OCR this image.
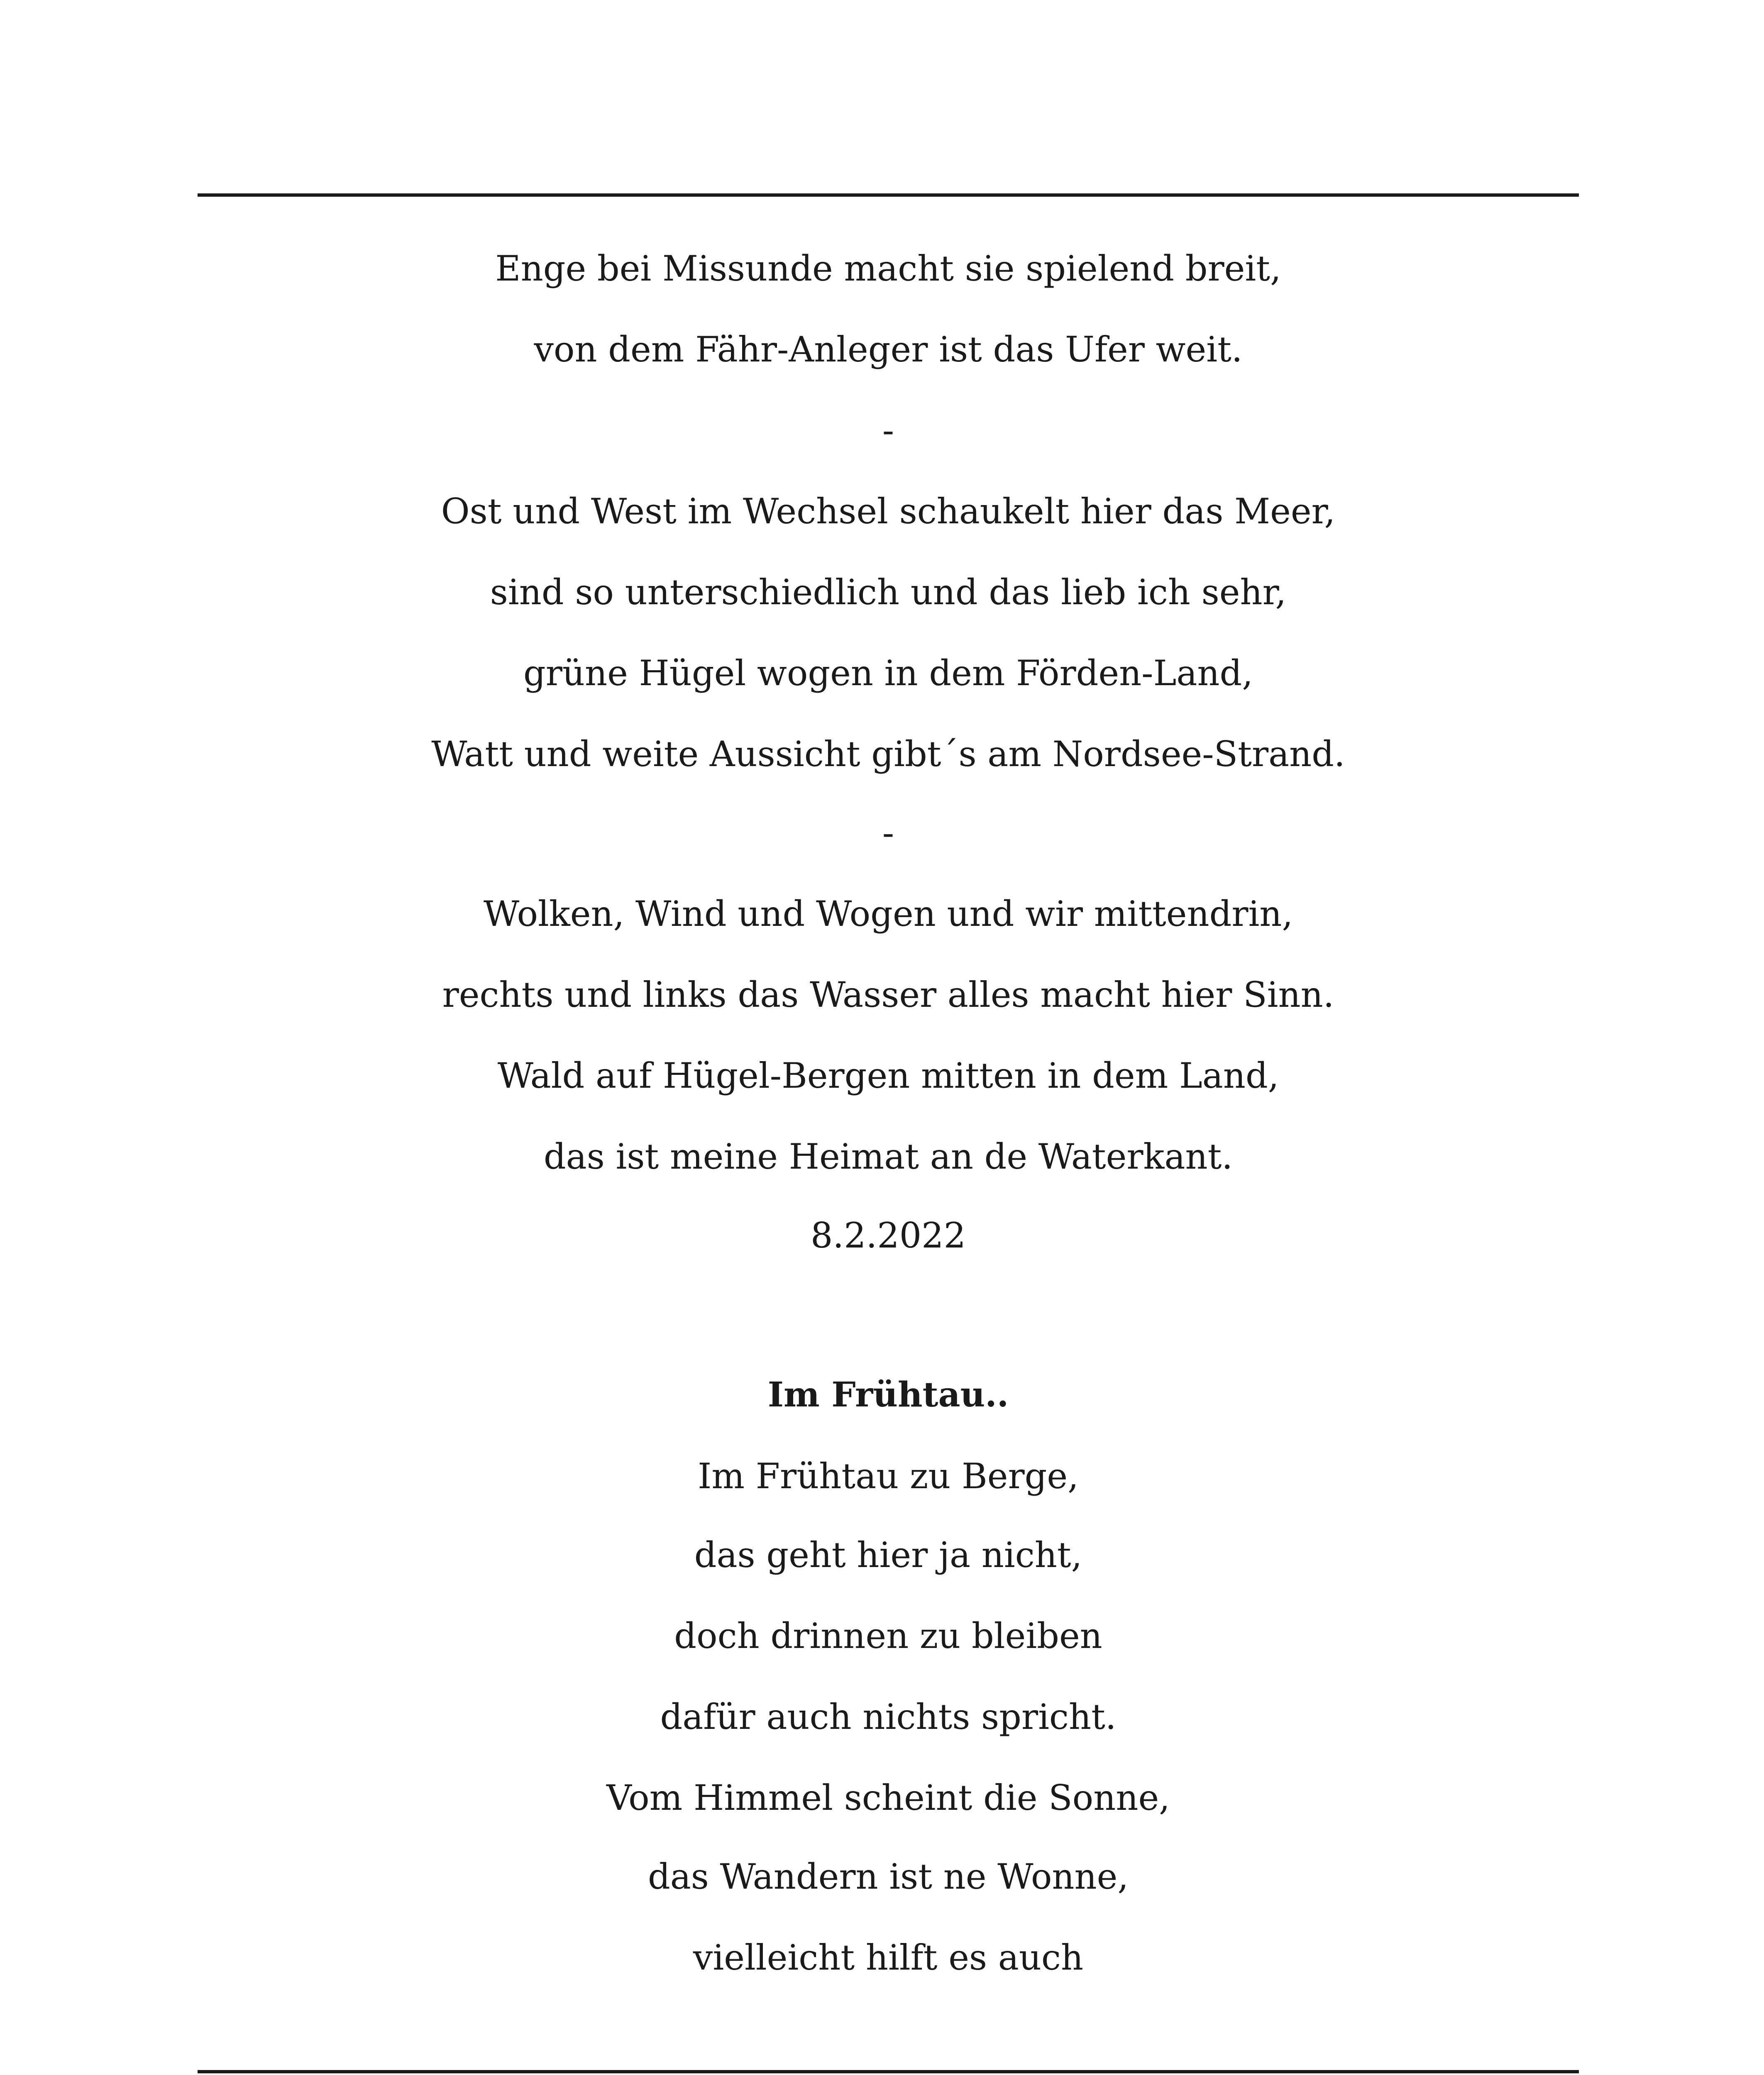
Enge bei Missunde macht sie spielend breit,
von dem Fähr-Anleger ist das Ufer weit.
-
Ost und West im Wechsel schaukelt hier das Meer,
sind so unterschiedlich und das lieb ich sehr,
grüne Hügel wogen in dem Förden-Land,
Watt und weite Aussicht gibt´s am Nordsee-Strand.
-
Wolken, Wind und Wogen und wir mittendrin,
rechts und links das Wasser alles macht hier Sinn.
Wald auf Hügel-Bergen mitten in dem Land,
das ist meine Heimat an de Waterkant.
8.2.2022
Im Frühtau..
Im Frühtau zu Berge,
das geht hier ja nicht,
doch drinnen zu bleiben
dafür auch nichts spricht.
Vom Himmel scheint die Sonne,
das Wandern ist ne Wonne,
vielleicht hilft es auch
